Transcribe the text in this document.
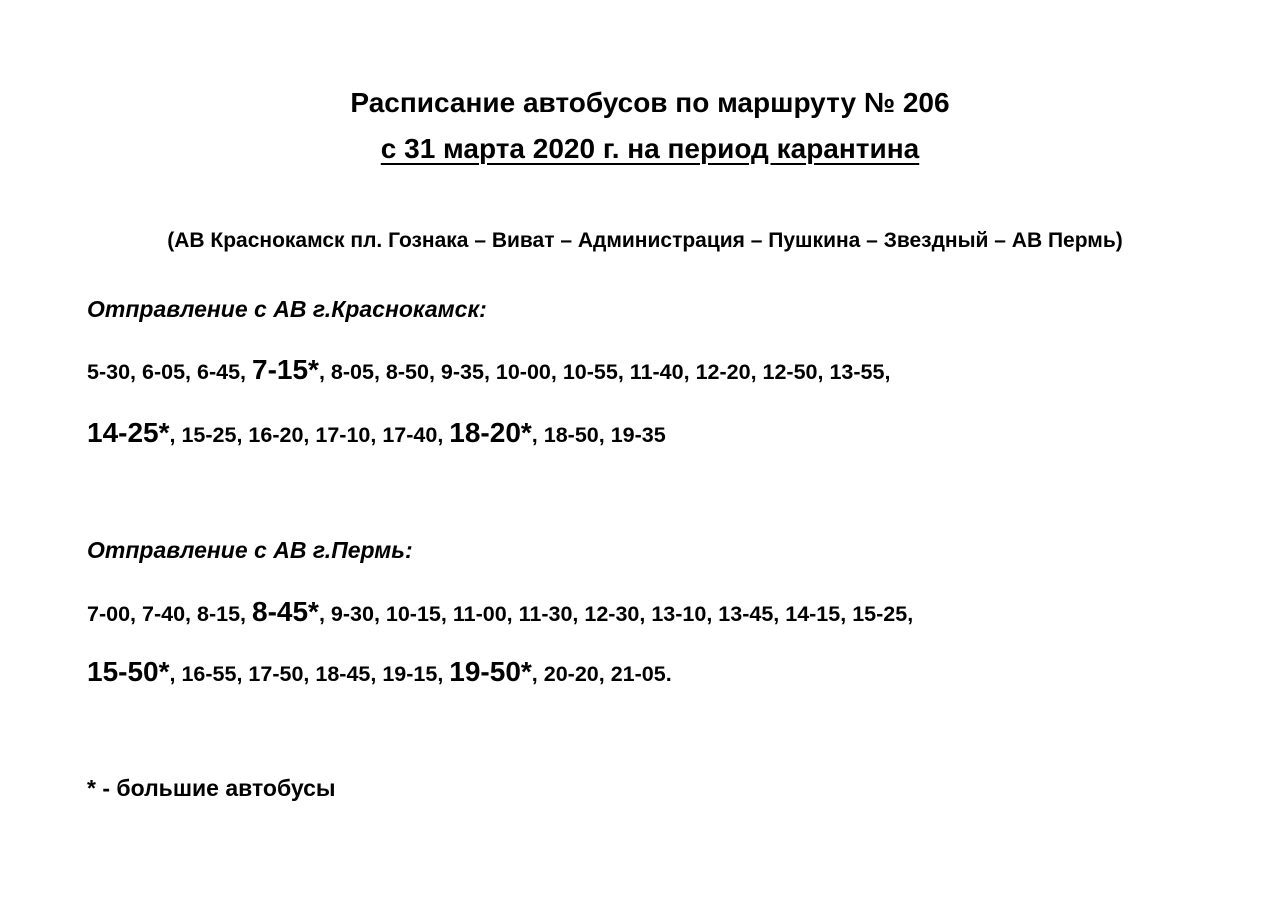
Расписание автобусов по маршруту № 206
с 31 марта 2020 г. на период карантина
(АВ Краснокамск пл. Гознака – Виват – Администрация – Пушкина – Звездный – АВ Пермь)
Отправление с АВ г.Краснокамск:
5-30, 6-05, 6-45, 7-15*, 8-05, 8-50, 9-35, 10-00, 10-55, 11-40, 12-20, 12-50, 13-55,
14-25*, 15-25, 16-20, 17-10, 17-40, 18-20*, 18-50, 19-35
Отправление с АВ г.Пермь:
7-00, 7-40, 8-15, 8-45*, 9-30, 10-15, 11-00, 11-30, 12-30, 13-10, 13-45, 14-15, 15-25,
15-50*, 16-55, 17-50, 18-45, 19-15, 19-50*, 20-20, 21-05.
* - большие автобусы
